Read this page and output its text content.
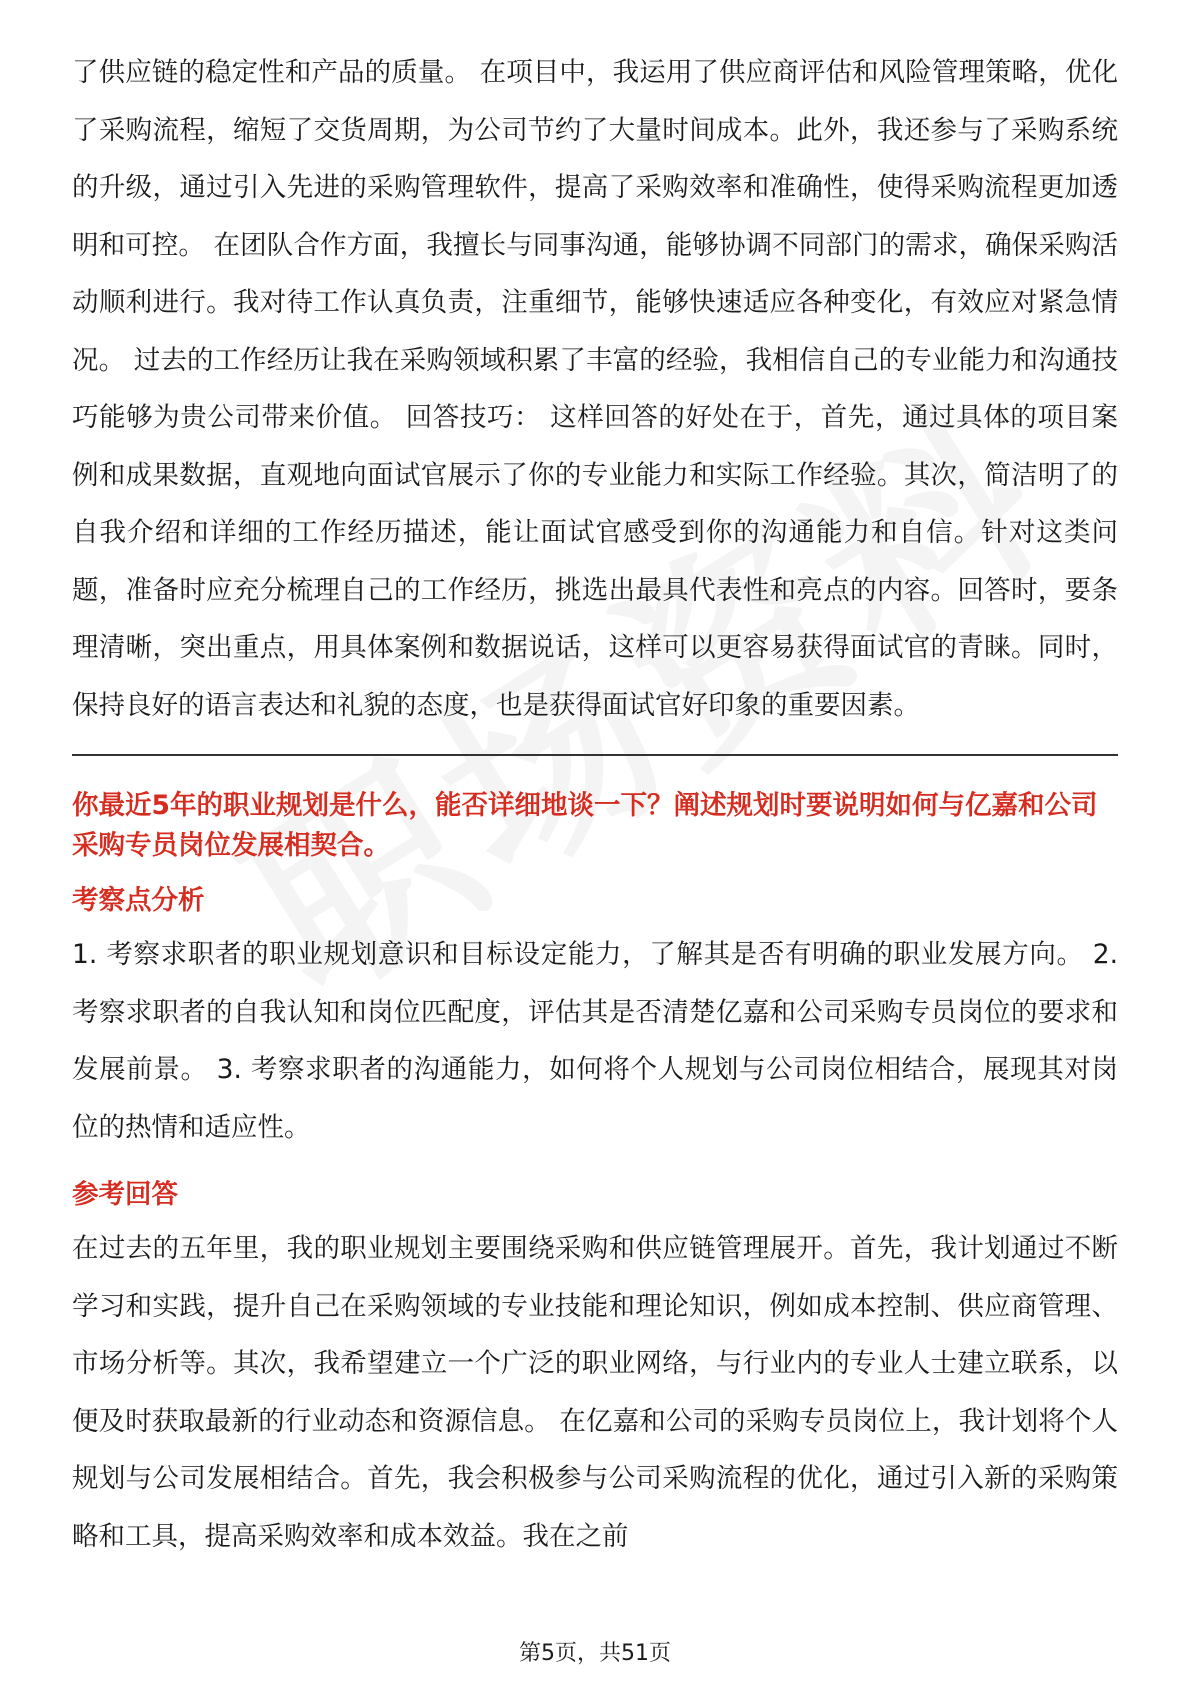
了供应链的稳定性和产品的质量。 在项目中，我运用了供应商评估和风险管理策略，优化了采购流程，缩短了交货周期，为公司节约了大量时间成本。此外，我还参与了采购系统的升级，通过引入先进的采购管理软件，提高了采购效率和准确性，使得采购流程更加透明和可控。 在团队合作方面，我擅长与同事沟通，能够协调不同部门的需求，确保采购活动顺利进行。我对待工作认真负责，注重细节，能够快速适应各种变化，有效应对紧急情况。 过去的工作经历让我在采购领域积累了丰富的经验，我相信自己的专业能力和沟通技巧能够为贵公司带来价值。 回答技巧： 这样回答的好处在于，首先，通过具体的项目案例和成果数据，直观地向面试官展示了你的专业能力和实际工作经验。其次，简洁明了的自我介绍和详细的工作经历描述，能让面试官感受到你的沟通能力和自信。针对这类问题，准备时应充分梳理自己的工作经历，挑选出最具代表性和亮点的内容。回答时，要条理清晰，突出重点，用具体案例和数据说话，这样可以更容易获得面试官的青睐。同时，保持良好的语言表达和礼貌的态度，也是获得面试官好印象的重要因素。

你最近5年的职业规划是什么，能否详细地谈一下？阐述规划时要说明如何与亿嘉和公司采购专员岗位发展相契合。

考察点分析

1. 考察求职者的职业规划意识和目标设定能力，了解其是否有明确的职业发展方向。 2. 考察求职者的自我认知和岗位匹配度，评估其是否清楚亿嘉和公司采购专员岗位的要求和发展前景。 3. 考察求职者的沟通能力，如何将个人规划与公司岗位相结合，展现其对岗位的热情和适应性。

参考回答

在过去的五年里，我的职业规划主要围绕采购和供应链管理展开。首先，我计划通过不断学习和实践，提升自己在采购领域的专业技能和理论知识，例如成本控制、供应商管理、市场分析等。其次，我希望建立一个广泛的职业网络，与行业内的专业人士建立联系，以便及时获取最新的行业动态和资源信息。 在亿嘉和公司的采购专员岗位上，我计划将个人规划与公司发展相结合。首先，我会积极参与公司采购流程的优化，通过引入新的采购策略和工具，提高采购效率和成本效益。我在之前

第5页，共51页
